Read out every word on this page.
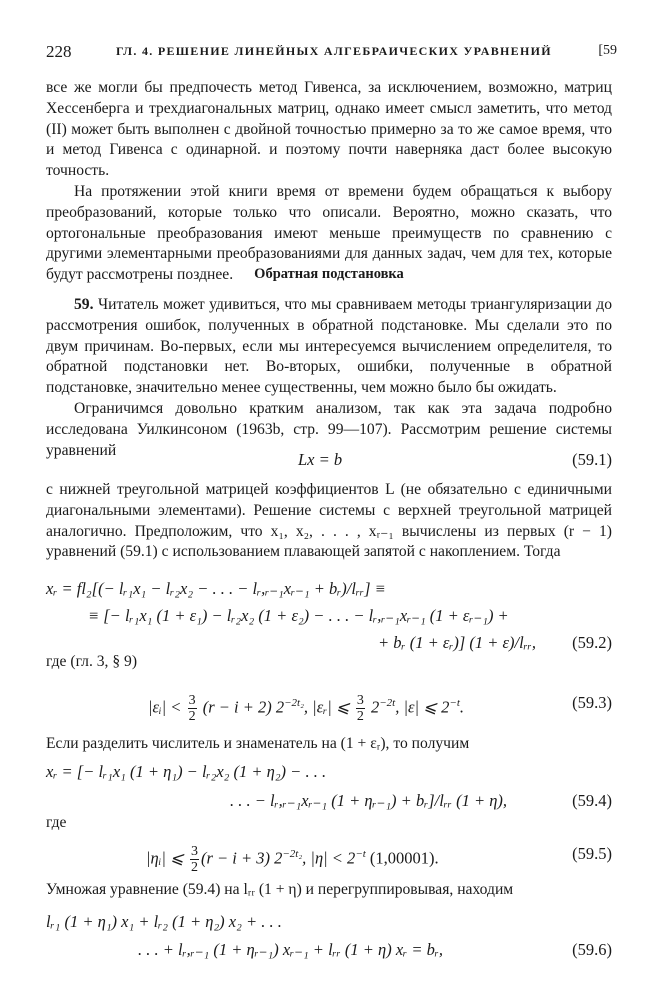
228	ГЛ. 4. РЕШЕНИЕ ЛИНЕЙНЫХ АЛГЕБРАИЧЕСКИХ УРАВНЕНИЙ	[59

все же могли бы предпочесть метод Гивенса, за исключением, возможно, матриц Хессенберга и трехдиагональных матриц, однако имеет смысл заметить, что метод (II) может быть выполнен с двойной точностью примерно за то же самое время, что и метод Гивенса с одинарной. и поэтому почти наверняка даст более высокую точность.

На протяжении этой книги время от времени будем обращаться к выбору преобразований, которые только что описали. Вероятно, можно сказать, что ортогональные преобразования имеют меньше преимуществ по сравнению с другими элементарными преобразованиями для данных задач, чем для тех, которые будут рассмотрены позднее.	Обратная подстановка

59. Читатель может удивиться, что мы сравниваем методы триангуляризации до рассмотрения ошибок, полученных в обратной подстановке. Мы сделали это по двум причинам. Во-первых, если мы интересуемся вычислением определителя, то обратной подстановки нет. Во-вторых, ошибки, полученные в обратной подстановке, значительно менее существенны, чем можно было бы ожидать.

Ограничимся довольно кратким анализом, так как эта задача подробно исследована Уилкинсоном (1963b, стр. 99—107). Рассмотрим решение системы уравнений	Lx = b	(59.1)

с нижней треугольной матрицей коэффициентов L (не обязательно с единичными диагональными элементами). Решение системы с верхней треугольной матрицей аналогично. Предположим, что x₁, x₂, . . . , xᵣ₋₁ вычислены из первых (r − 1) уравнений (59.1) с использованием плавающей запятой с накоплением. Тогда

xᵣ = fl₂[(− lᵣ₁x₁ − lᵣ₂x₂ − . . . − lᵣ,ᵣ₋₁xᵣ₋₁ + bᵣ)/lᵣᵣ] ≡
≡ [− lᵣ₁x₁ (1 + ε₁) − lᵣ₂x₂ (1 + ε₂) − . . . − lᵣ,ᵣ₋₁xᵣ₋₁ (1 + εᵣ₋₁) +
+ bᵣ (1 + εᵣ)] (1 + ε)/lᵣᵣ, (59.2)

где (гл. 3, § 9)

|εᵢ| < $\frac{3}{2} (r - i + 2)$ $2^{-2t_2}$, |εᵣ| ⩽ $\frac{3}{2} 2^{-2t}$, |ε| ⩽ $2^{-t}$.	(59.3)

Если разделить числитель и знаменатель на (1 + εᵣ), то получим

xᵣ = [− lᵣ₁x₁ (1 + η₁) − lᵣ₂x₂ (1 + η₂) − . . .
. . . − lᵣ,ᵣ₋₁xᵣ₋₁ (1 + ηᵣ₋₁) + bᵣ]/lᵣᵣ (1 + η),	(59.4)

где

|ηᵢ| ⩽ $\frac{3}{2} (r - i + 3)$ $2^{-2t_2}$, $|\eta| < 2^{-t}$ (1,00001).	(59.5)

Умножая уравнение (59.4) на lᵣᵣ (1 + η) и перегруппировывая, находим

lᵣ₁ (1 + η₁) x₁ + lᵣ₂ (1 + η₂) x₂ + . . .
. . . + lᵣ,ᵣ₋₁ (1 + ηᵣ₋₁) xᵣ₋₁ + lᵣᵣ (1 + η) xᵣ = bᵣ,	(59.6)
